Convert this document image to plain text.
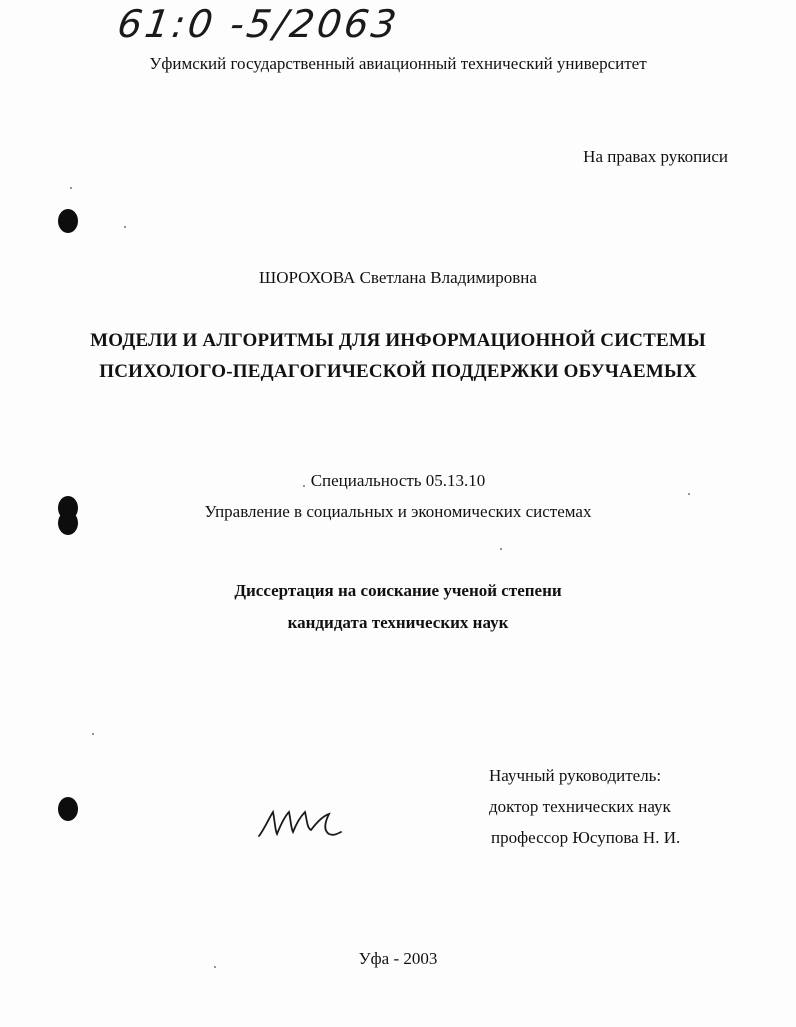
61:0 -5/2063
Уфимский государственный авиационный технический университет
На правах рукописи
ШОРОХОВА Светлана Владимировна
МОДЕЛИ И АЛГОРИТМЫ ДЛЯ ИНФОРМАЦИОННОЙ СИСТЕМЫ
ПСИХОЛОГО-ПЕДАГОГИЧЕСКОЙ ПОДДЕРЖКИ ОБУЧАЕМЫХ
Специальность 05.13.10
Управление в социальных и экономических системах
Диссертация на соискание ученой степени
кандидата технических наук
Научный руководитель:
доктор технических наук
профессор Юсупова Н. И.
Уфа - 2003
